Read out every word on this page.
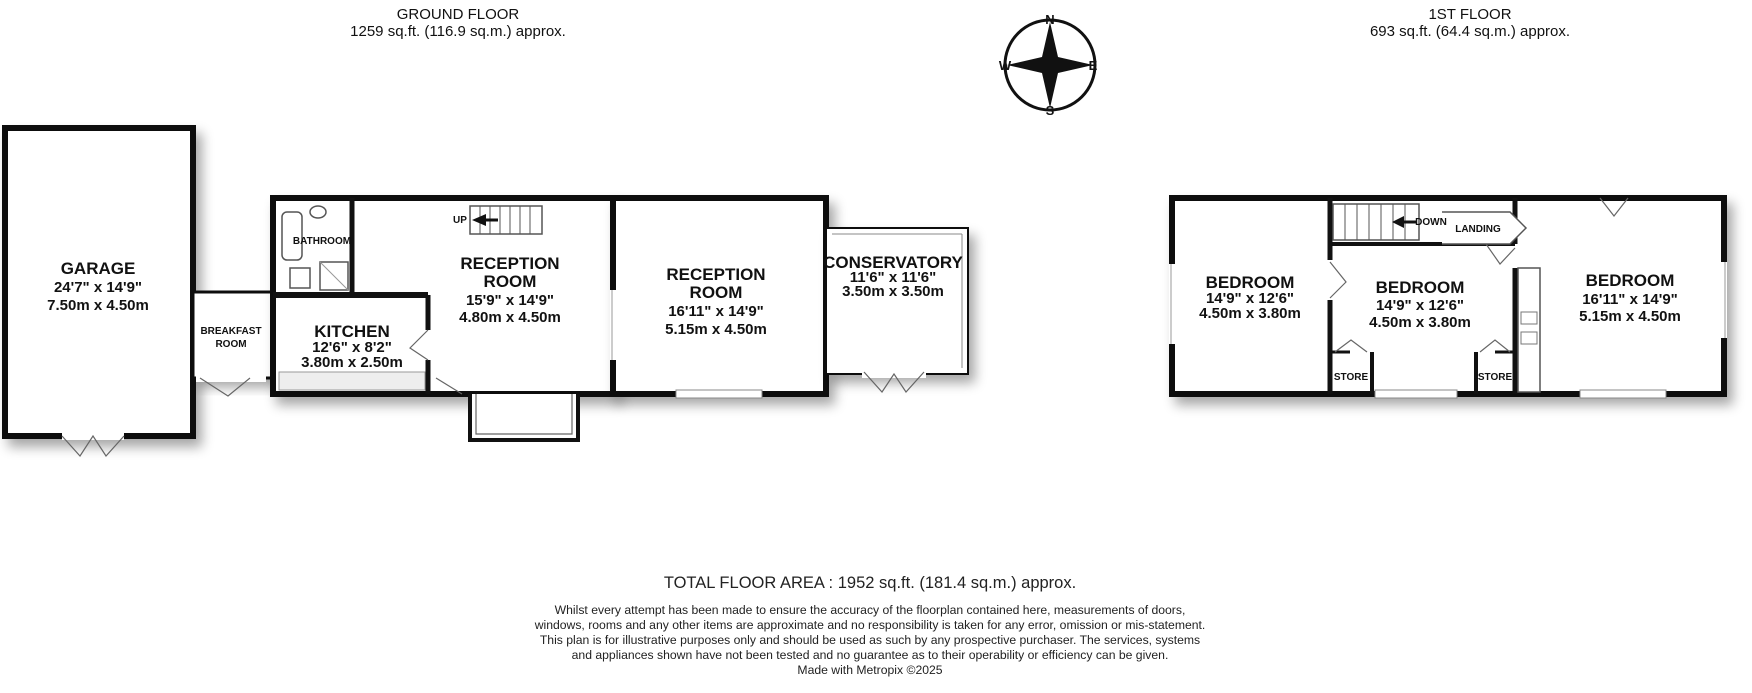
GROUND FLOOR
1259 sq.ft. (116.9 sq.m.) approx.
1ST FLOOR
693 sq.ft. (64.4 sq.m.) approx.
N
S
E
W
UP
GARAGE
24'7" x 14'9"
7.50m x 4.50m
BREAKFAST
ROOM
BATHROOM
KITCHEN
12'6" x 8'2"
3.80m x 2.50m
RECEPTION
ROOM
15'9" x 14'9"
4.80m x 4.50m
RECEPTION
ROOM
16'11" x 14'9"
5.15m x 4.50m
CONSERVATORY
11'6" x 11'6"
3.50m x 3.50m
DOWN
LANDING
BEDROOM
14'9" x 12'6"
4.50m x 3.80m
BEDROOM
14'9" x 12'6"
4.50m x 3.80m
BEDROOM
16'11" x 14'9"
5.15m x 4.50m
STORE	STORE
TOTAL FLOOR AREA : 1952 sq.ft. (181.4 sq.m.) approx.
Whilst every attempt has been made to ensure the accuracy of the floorplan contained here, measurements of doors, windows, rooms and any other items are approximate and no responsibility is taken for any error, omission or mis-statement. This plan is for illustrative purposes only and should be used as such by any prospective purchaser. The services, systems and appliances shown have not been tested and no guarantee as to their operability or efficiency can be given.
Made with Metropix ©2025
